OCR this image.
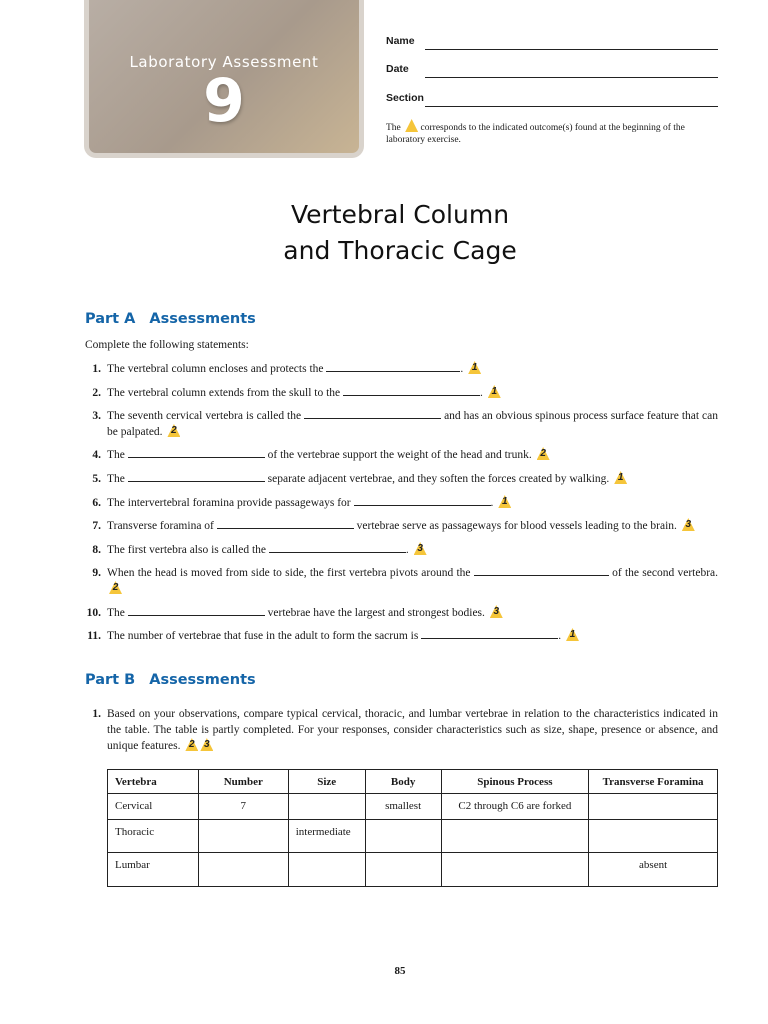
Laboratory Assessment
9
Name
Date
Section
The corresponds to the indicated outcome(s) found at the beginning of the laboratory exercise.
Vertebral Column
and Thoracic Cage
Part A Assessments
Complete the following statements:
1. The vertebral column encloses and protects the	. 1
2. The vertebral column extends from the skull to the	. 1
3. The seventh cervical vertebra is called the	and has an obvious spinous process surface feature that can be palpated. 2
4. The	of the vertebrae support the weight of the head and trunk. 2
5. The	separate adjacent vertebrae, and they soften the forces created by walking. 1
6. The intervertebral foramina provide passageways for	. 1
7. Transverse foramina of	vertebrae serve as passageways for blood vessels leading to the brain. 3
8. The first vertebra also is called the	. 3
9. When the head is moved from side to side, the first vertebra pivots around the	of the second vertebra.
2
10. The	vertebrae have the largest and strongest bodies. 3
11. The number of vertebrae that fuse in the adult to form the sacrum is	. 1
Part B Assessments
1. Based on your observations, compare typical cervical, thoracic, and lumbar vertebrae in relation to the characteristics indicated in the table. The table is partly completed. For your responses, consider characteristics such as size, shape, presence or absence, and unique features. 2 3
Vertebra	Number	Size	Body	Spinous Process	Transverse Foramina
Cervical	7		smallest	C2 through C6 are forked	
Thoracic		intermediate			
Lumbar					absent
85
